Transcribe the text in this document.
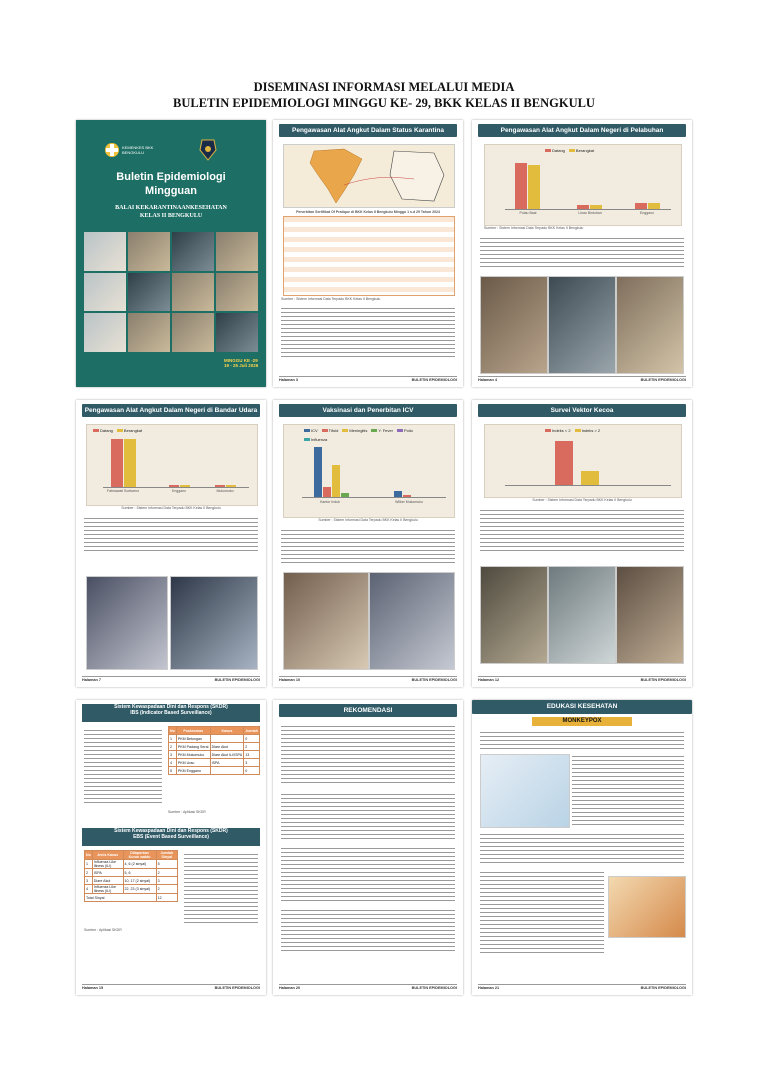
DISEMINASI INFORMASI MELALUI MEDIA
BULETIN EPIDEMIOLOGI MINGGU KE- 29, BKK KELAS II BENGKULU
KEMENKES BKK BENGKULU
Buletin Epidemiologi
Mingguan
BALAI KEKARANTINAANKESEHATAN
KELAS II BENGKULU
MINGGU KE -29
19 - 25 Juli 2026
Pengawasan Alat Angkut Dalam Status Karantina
Penerbitan Sertifikat Of Pratique di BKK Kelas II Bengkulu Minggu 1 s.d 29 Tahun 2024
Sumber : Sistem Informasi Data Terpadu BKK Kelas II Bengkulu
Halaman 3	BULETIN EPIDEMIOLOGI
Pengawasan Alat Angkut Dalam Negeri di Pelabuhan
Datang	Berangkat
Pulau Baai	Linau Bintuhan	Enggano
Sumber : Sistem Informasi Data Terpadu BKK Kelas II Bengkulu
Halaman 4	BULETIN EPIDEMIOLOGI
Pengawasan Alat Angkut Dalam Negeri di Bandar Udara
Datang	Berangkat
Fatmawati Soekarno	Enggano	Mukomuko
Sumber : Sistem Informasi Data Terpadu BKK Kelas II Bengkulu
Halaman 7	BULETIN EPIDEMIOLOGI
Vaksinasi dan Penerbitan ICV
ICV	Tifoid	Meningitis	Y. Fever	Polio
Influenza
Kantor Induk	Wilker Mukomuko
Sumber : Sistem Informasi Data Terpadu BKK Kelas II Bengkulu
Halaman 10	BULETIN EPIDEMIOLOGI
Survei Vektor Kecoa
Indeks < 2	Indeks > 2
Sumber : Sistem Informasi Data Terpadu BKK Kelas II Bengkulu
Halaman 12	BULETIN EPIDEMIOLOGI
Sistem Kewaspadaan Dini dan Respons (SKDR)
IBS (Indicator Based Surveillance)
No	Puskesmas	Kasus	Jumlah
1	PKM Betungan		0
2	PKM Padang Serai	Diare Akut	2
3	PKM Mukomuko	Diare Akut ILI/ISPA	13
4	PKM Urau	ISPA	3
5	PKM Enggano		0
Sumber : Aplikasi SKDR
Sistem Kewaspadaan Dini dan Respons (SKDR)
EBS (Event Based Surveillance)
No	Jenis Kasus	Dilaporkan Kurun waktu	Jumlah Sinyal
1	Influenza Like Illness (ILI)	4, 6 (2 sinyal)	5
2	ISPA	5, 6	2
3	Diare Akut	10, 17 (2 sinyal)	3
4	Influenza Like Illness (ILI)	22, 23 (3 sinyal)	2
Total Sinyal			12
Sumber : Aplikasi SKDR
Halaman 15	BULETIN EPIDEMIOLOGI
REKOMENDASI
Halaman 20	BULETIN EPIDEMIOLOGI
EDUKASI KESEHATAN
MONKEYPOX
Halaman 21	BULETIN EPIDEMIOLOGI
